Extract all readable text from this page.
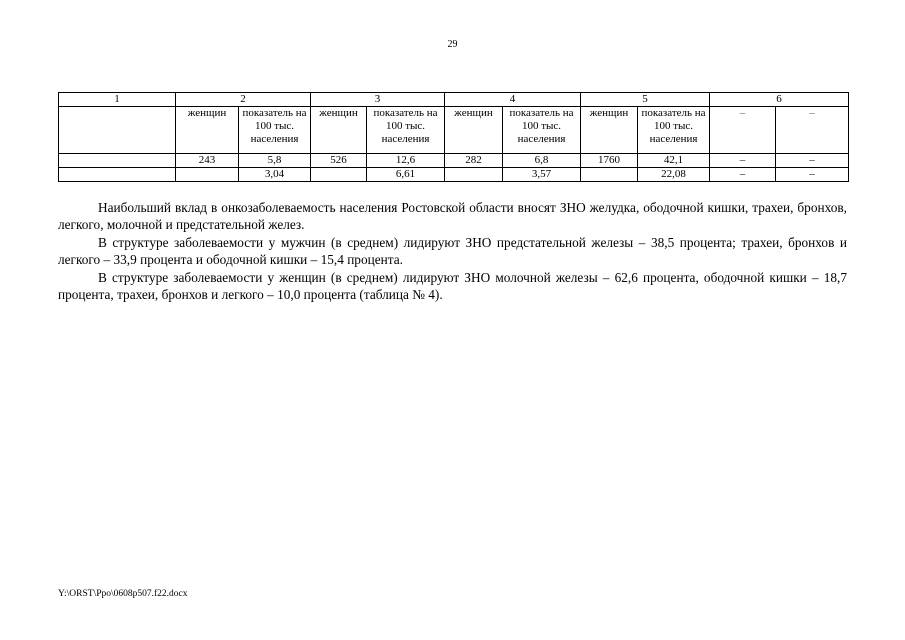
29
1	2		3		4		5		6	
	женщин	показатель на 100 тыс. населения	женщин	показатель на 100 тыс. населения	женщин	показатель на 100 тыс. населения	женщин	показатель на 100 тыс. населения	–	–
	243	5,8	526	12,6	282	6,8	1760	42,1	–	–
		3,04		6,61		3,57		22,08	–	–

Наибольший вклад в онкозаболеваемость населения Ростовской области вносят ЗНО желудка, ободочной кишки, трахеи, бронхов, легкого, молочной и предстательной желез.

В структуре заболеваемости у мужчин (в среднем) лидируют ЗНО предстательной железы – 38,5 процента; трахеи, бронхов и легкого – 33,9 процента и ободочной кишки – 15,4 процента.

В структуре заболеваемости у женщин (в среднем) лидируют ЗНО молочной железы – 62,6 процента, ободочной кишки – 18,7 процента, трахеи, бронхов и легкого – 10,0 процента (таблица № 4).

Y:\ORST\Ppo\0608p507.f22.docx
